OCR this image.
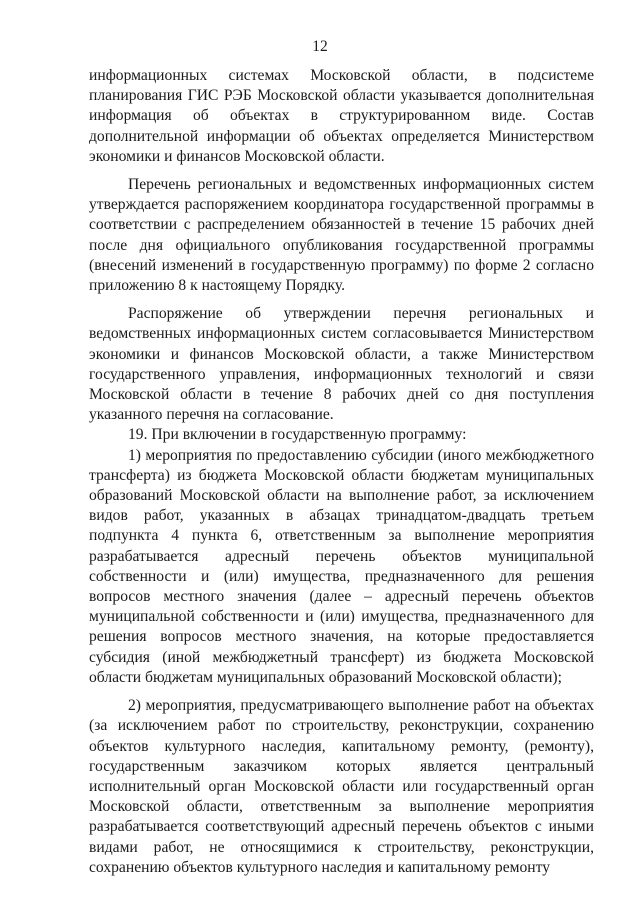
12

информационных системах Московской области, в подсистеме планирования ГИС РЭБ Московской области указывается дополнительная информация об объектах в структурированном виде. Состав дополнительной информации об объектах определяется Министерством экономики и финансов Московской области.

Перечень региональных и ведомственных информационных систем утверждается распоряжением координатора государственной программы в соответствии с распределением обязанностей в течение 15 рабочих дней после дня официального опубликования государственной программы (внесений изменений в государственную программу) по форме 2 согласно приложению 8 к настоящему Порядку.

Распоряжение об утверждении перечня региональных и ведомственных информационных систем согласовывается Министерством экономики и финансов Московской области, а также Министерством государственного управления, информационных технологий и связи Московской области в течение 8 рабочих дней со дня поступления указанного перечня на согласование.

19. При включении в государственную программу:

1) мероприятия по предоставлению субсидии (иного межбюджетного трансферта) из бюджета Московской области бюджетам муниципальных образований Московской области на выполнение работ, за исключением видов работ, указанных в абзацах тринадцатом-двадцать третьем подпункта 4 пункта 6, ответственным за выполнение мероприятия разрабатывается адресный перечень объектов муниципальной собственности и (или) имущества, предназначенного для решения вопросов местного значения (далее – адресный перечень объектов муниципальной собственности и (или) имущества, предназначенного для решения вопросов местного значения, на которые предоставляется субсидия (иной межбюджетный трансферт) из бюджета Московской области бюджетам муниципальных образований Московской области);

2) мероприятия, предусматривающего выполнение работ на объектах (за исключением работ по строительству, реконструкции, сохранению объектов культурного наследия, капитальному ремонту, (ремонту), государственным заказчиком которых является центральный исполнительный орган Московской области или государственный орган Московской области, ответственным за выполнение мероприятия разрабатывается соответствующий адресный перечень объектов с иными видами работ, не относящимися к строительству, реконструкции, сохранению объектов культурного наследия и капитальному ремонту
